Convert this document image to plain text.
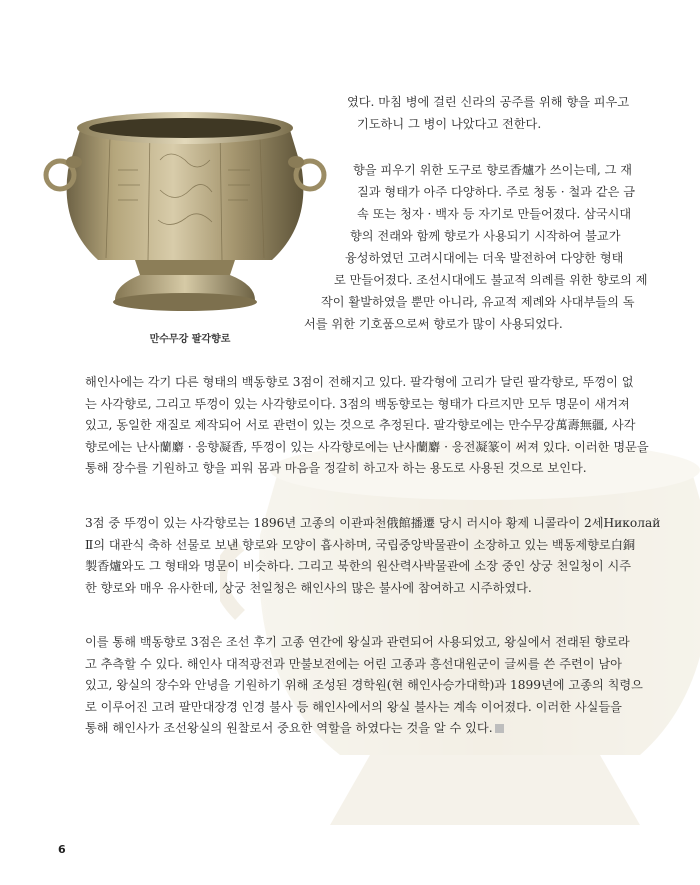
만수무강 팔각향로
였다. 마침 병에 걸린 신라의 공주를 위해 향을 피우고
기도하니 그 병이 나았다고 전한다.
향을 피우기 위한 도구로 향로香爐가 쓰이는데, 그 재
질과 형태가 아주 다양하다. 주로 청동 · 철과 같은 금
속 또는 청자 · 백자 등 자기로 만들어졌다. 삼국시대
향의 전래와 함께 향로가 사용되기 시작하여 불교가
융성하였던 고려시대에는 더욱 발전하여 다양한 형태
로 만들어졌다. 조선시대에도 불교적 의례를 위한 향로의 제
작이 활발하였을 뿐만 아니라, 유교적 제례와 사대부들의 독
서를 위한 기호품으로써 향로가 많이 사용되었다.
해인사에는 각기 다른 형태의 백동향로 3점이 전해지고 있다. 팔각형에 고리가 달린 팔각향로, 뚜껑이 없
는 사각향로, 그리고 뚜껑이 있는 사각향로이다. 3점의 백동향로는 형태가 다르지만 모두 명문이 새겨져
있고, 동일한 재질로 제작되어 서로 관련이 있는 것으로 추정된다. 팔각향로에는 만수무강萬壽無疆, 사각
향로에는 난사蘭麝 · 응향凝香, 뚜껑이 있는 사각향로에는 난사蘭麝 · 응전凝篆이 써져 있다. 이러한 명문을
통해 장수를 기원하고 향을 피워 몸과 마음을 정갈히 하고자 하는 용도로 사용된 것으로 보인다.
3점 중 뚜껑이 있는 사각향로는 1896년 고종의 이관파천俄館播遷 당시 러시아 황제 니콜라이 2세Николай
Ⅱ의 대관식 축하 선물로 보낸 향로와 모양이 흡사하며, 국립중앙박물관이 소장하고 있는 백동제향로白銅
製香爐와도 그 형태와 명문이 비슷하다. 그리고 북한의 원산력사박물관에 소장 중인 상궁 천일청이 시주
한 향로와 매우 유사한데, 상궁 천일청은 해인사의 많은 불사에 참여하고 시주하였다.
이를 통해 백동향로 3점은 조선 후기 고종 연간에 왕실과 관련되어 사용되었고, 왕실에서 전래된 향로라
고 추측할 수 있다. 해인사 대적광전과 만불보전에는 어린 고종과 흥선대원군이 글씨를 쓴 주련이 남아
있고, 왕실의 장수와 안녕을 기원하기 위해 조성된 경학원(현 해인사승가대학)과 1899년에 고종의 칙령으
로 이루어진 고려 팔만대장경 인경 불사 등 해인사에서의 왕실 불사는 계속 이어졌다. 이러한 사실들을
통해 해인사가 조선왕실의 원찰로서 중요한 역할을 하였다는 것을 알 수 있다.
6
